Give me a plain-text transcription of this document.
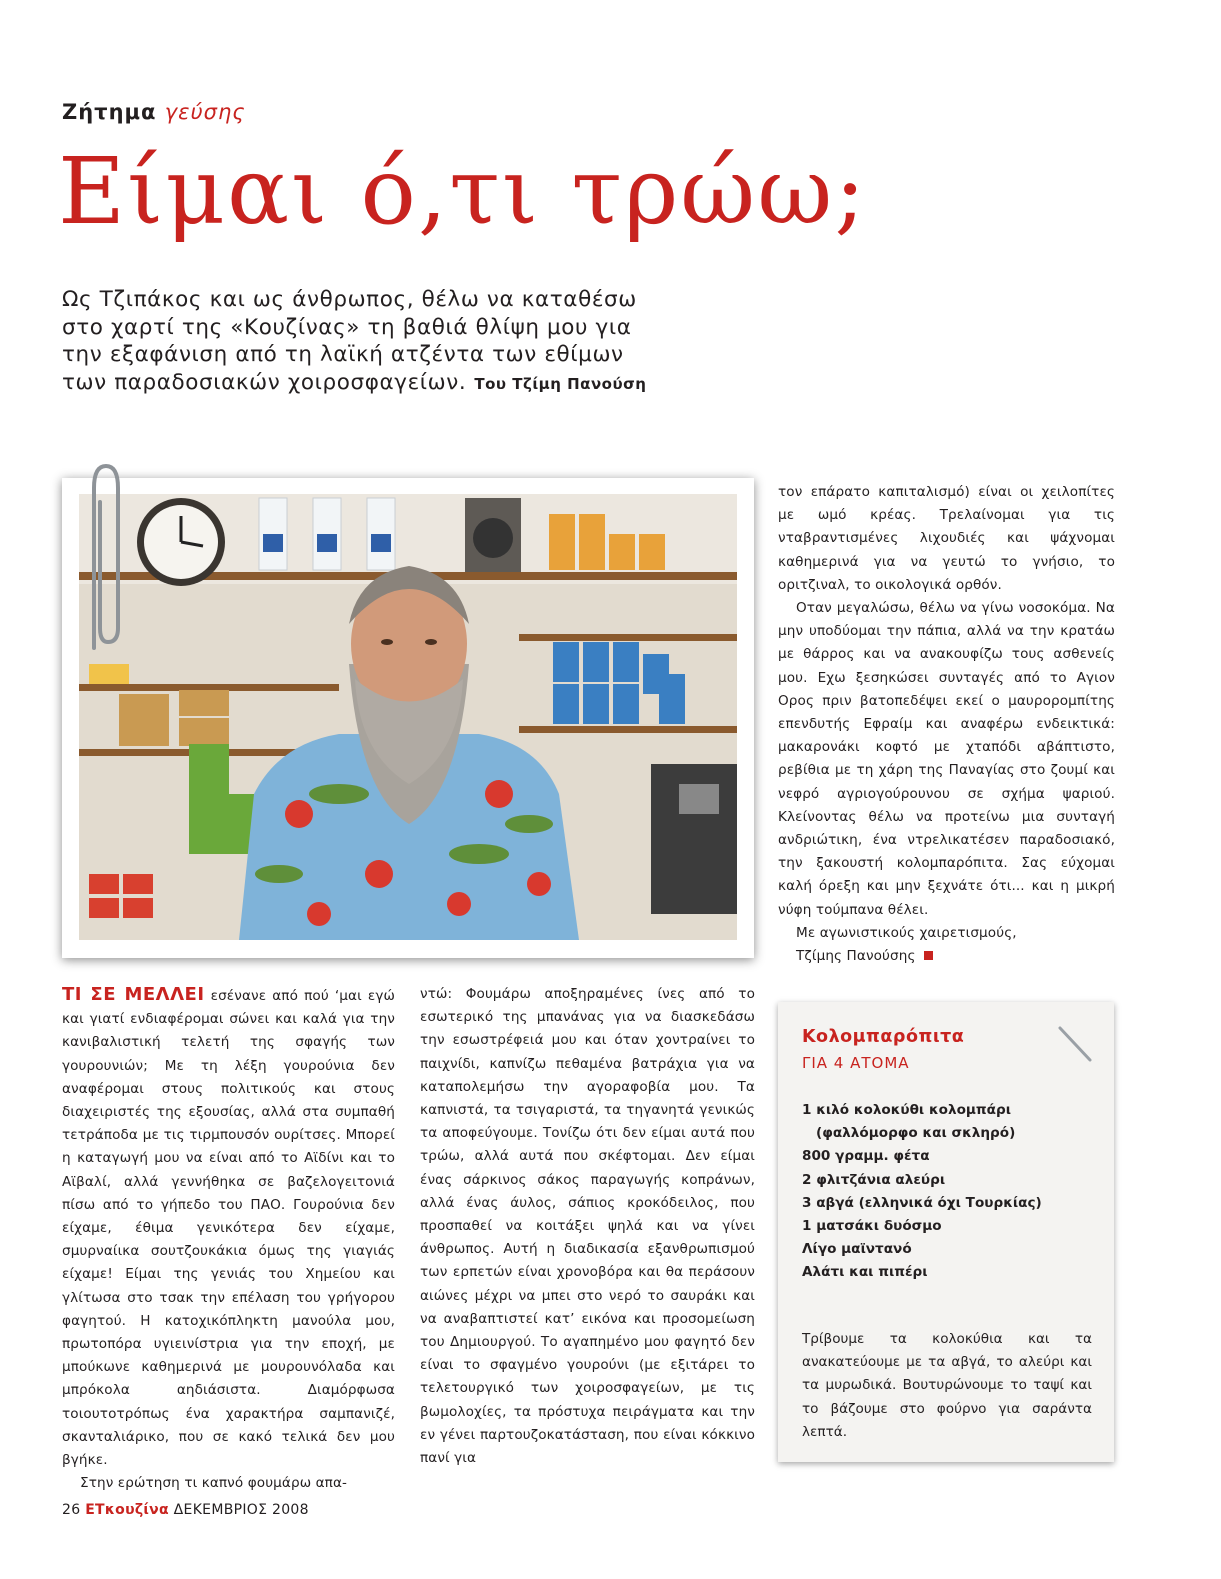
Ζήτημα γεύσης
Είμαι ό,τι τρώω;
Ως Τζιπάκος και ως άνθρωπος, θέλω να καταθέσω
στο χαρτί της «Κουζίνας» τη βαθιά θλίψη μου για
την εξαφάνιση από τη λαϊκή ατζέντα των εθίμων
των παραδοσιακών χοιροσφαγείων. Του Τζίμη Πανούση

τον επάρατο καπιταλισμό) είναι οι χειλοπίτες με ωμό κρέας. Τρελαίνομαι για τις νταβραντισμένες λιχουδιές και ψάχνομαι καθημερινά για να γευτώ το γνήσιο, το οριτζιναλ, το οικολογικά ορθόν.

Οταν μεγαλώσω, θέλω να γίνω νοσοκόμα. Να μην υποδύομαι την πάπια, αλλά να την κρατάω με θάρρος και να ανακουφίζω τους ασθενείς μου. Εχω ξεσηκώσει συνταγές από το Αγιον Ορος πριν βατοπεδέψει εκεί ο μαυρορομπίτης επενδυτής Εφραίμ και αναφέρω ενδεικτικά: μακαρονάκι κοφτό με χταπόδι αβάπτιστο, ρεβίθια με τη χάρη της Παναγίας στο ζουμί και νεφρό αγριογούρουνου σε σχήμα ψαριού. Κλείνοντας θέλω να προτείνω μια συνταγή ανδριώτικη, ένα ντρελικατέσεν παραδοσιακό, την ξακουστή κολομπαρόπιτα. Σας εύχομαι καλή όρεξη και μην ξεχνάτε ότι... και η μικρή νύφη τούμπανα θέλει.

Με αγωνιστικούς χαιρετισμούς,

Τζίμης Πανούσης

ΤΙ ΣΕ ΜΕΛΛΕΙ εσένανε από πού ‘μαι εγώ και γιατί ενδιαφέρομαι σώνει και καλά για την κανιβαλιστική τελετή της σφαγής των γουρουνιών; Με τη λέξη γουρούνια δεν αναφέρομαι στους πολιτικούς και στους διαχειριστές της εξουσίας, αλλά στα συμπαθή τετράποδα με τις τιρμπουσόν ουρίτσες. Μπορεί η καταγωγή μου να είναι από το Αϊδίνι και το Αϊβαλί, αλλά γεννήθηκα σε βαζελογειτονιά πίσω από το γήπεδο του ΠΑΟ. Γουρούνια δεν είχαμε, έθιμα γενικότερα δεν είχαμε, σμυρναίικα σουτζουκάκια όμως της γιαγιάς είχαμε! Είμαι της γενιάς του Χημείου και γλίτωσα στο τσακ την επέλαση του γρήγορου φαγητού. Η κατοχικόπληκτη μανούλα μου, πρωτοπόρα υγιεινίστρια για την εποχή, με μπούκωνε καθημερινά με μουρουνόλαδα και μπρόκολα αηδιάσιστα. Διαμόρφωσα τοιουτοτρόπως ένα χαρακτήρα σαμπανιζέ, σκανταλιάρικο, που σε κακό τελικά δεν μου βγήκε.

Στην ερώτηση τι καπνό φουμάρω απα-

ντώ: Φουμάρω αποξηραμένες ίνες από το εσωτερικό της μπανάνας για να διασκεδάσω την εσωστρέφειά μου και όταν χοντραίνει το παιχνίδι, καπνίζω πεθαμένα βατράχια για να καταπολεμήσω την αγοραφοβία μου. Τα καπνιστά, τα τσιγαριστά, τα τηγανητά γενικώς τα αποφεύγουμε. Τονίζω ότι δεν είμαι αυτά που τρώω, αλλά αυτά που σκέφτομαι. Δεν είμαι ένας σάρκινος σάκος παραγωγής κοπράνων, αλλά ένας άυλος, σάπιος κροκόδειλος, που προσπαθεί να κοιτάξει ψηλά και να γίνει άνθρωπος. Αυτή η διαδικασία εξανθρωπισμού των ερπετών είναι χρονοβόρα και θα περάσουν αιώνες μέχρι να μπει στο νερό το σαυράκι και να αναβαπτιστεί κατ’ εικόνα και προσομείωση του Δημιουργού. Το αγαπημένο μου φαγητό δεν είναι το σφαγμένο γουρούνι (με εξιτάρει το τελετουργικό των χοιροσφαγείων, με τις βωμολοχίες, τα πρόστυχα πειράγματα και την εν γένει παρτουζοκατάσταση, που είναι κόκκινο πανί για

Κολομπαρόπιτα
ΓΙΑ 4 ΑΤΟΜΑ
1 κιλό κολοκύθι κολομπάρι
(φαλλόμορφο και σκληρό)
800 γραμμ. φέτα
2 φλιτζάνια αλεύρι
3 αβγά (ελληνικά όχι Τουρκίας)
1 ματσάκι δυόσμο
Λίγο μαϊντανό
Αλάτι και πιπέρι
Τρίβουμε τα κολοκύθια και τα ανακατεύουμε με τα αβγά, το αλεύρι και τα μυρωδικά. Βουτυρώνουμε το ταψί και το βάζουμε στο φούρνο για σαράντα λεπτά.
26 ETκουζίνα ΔΕΚΕΜΒΡΙΟΣ 2008
